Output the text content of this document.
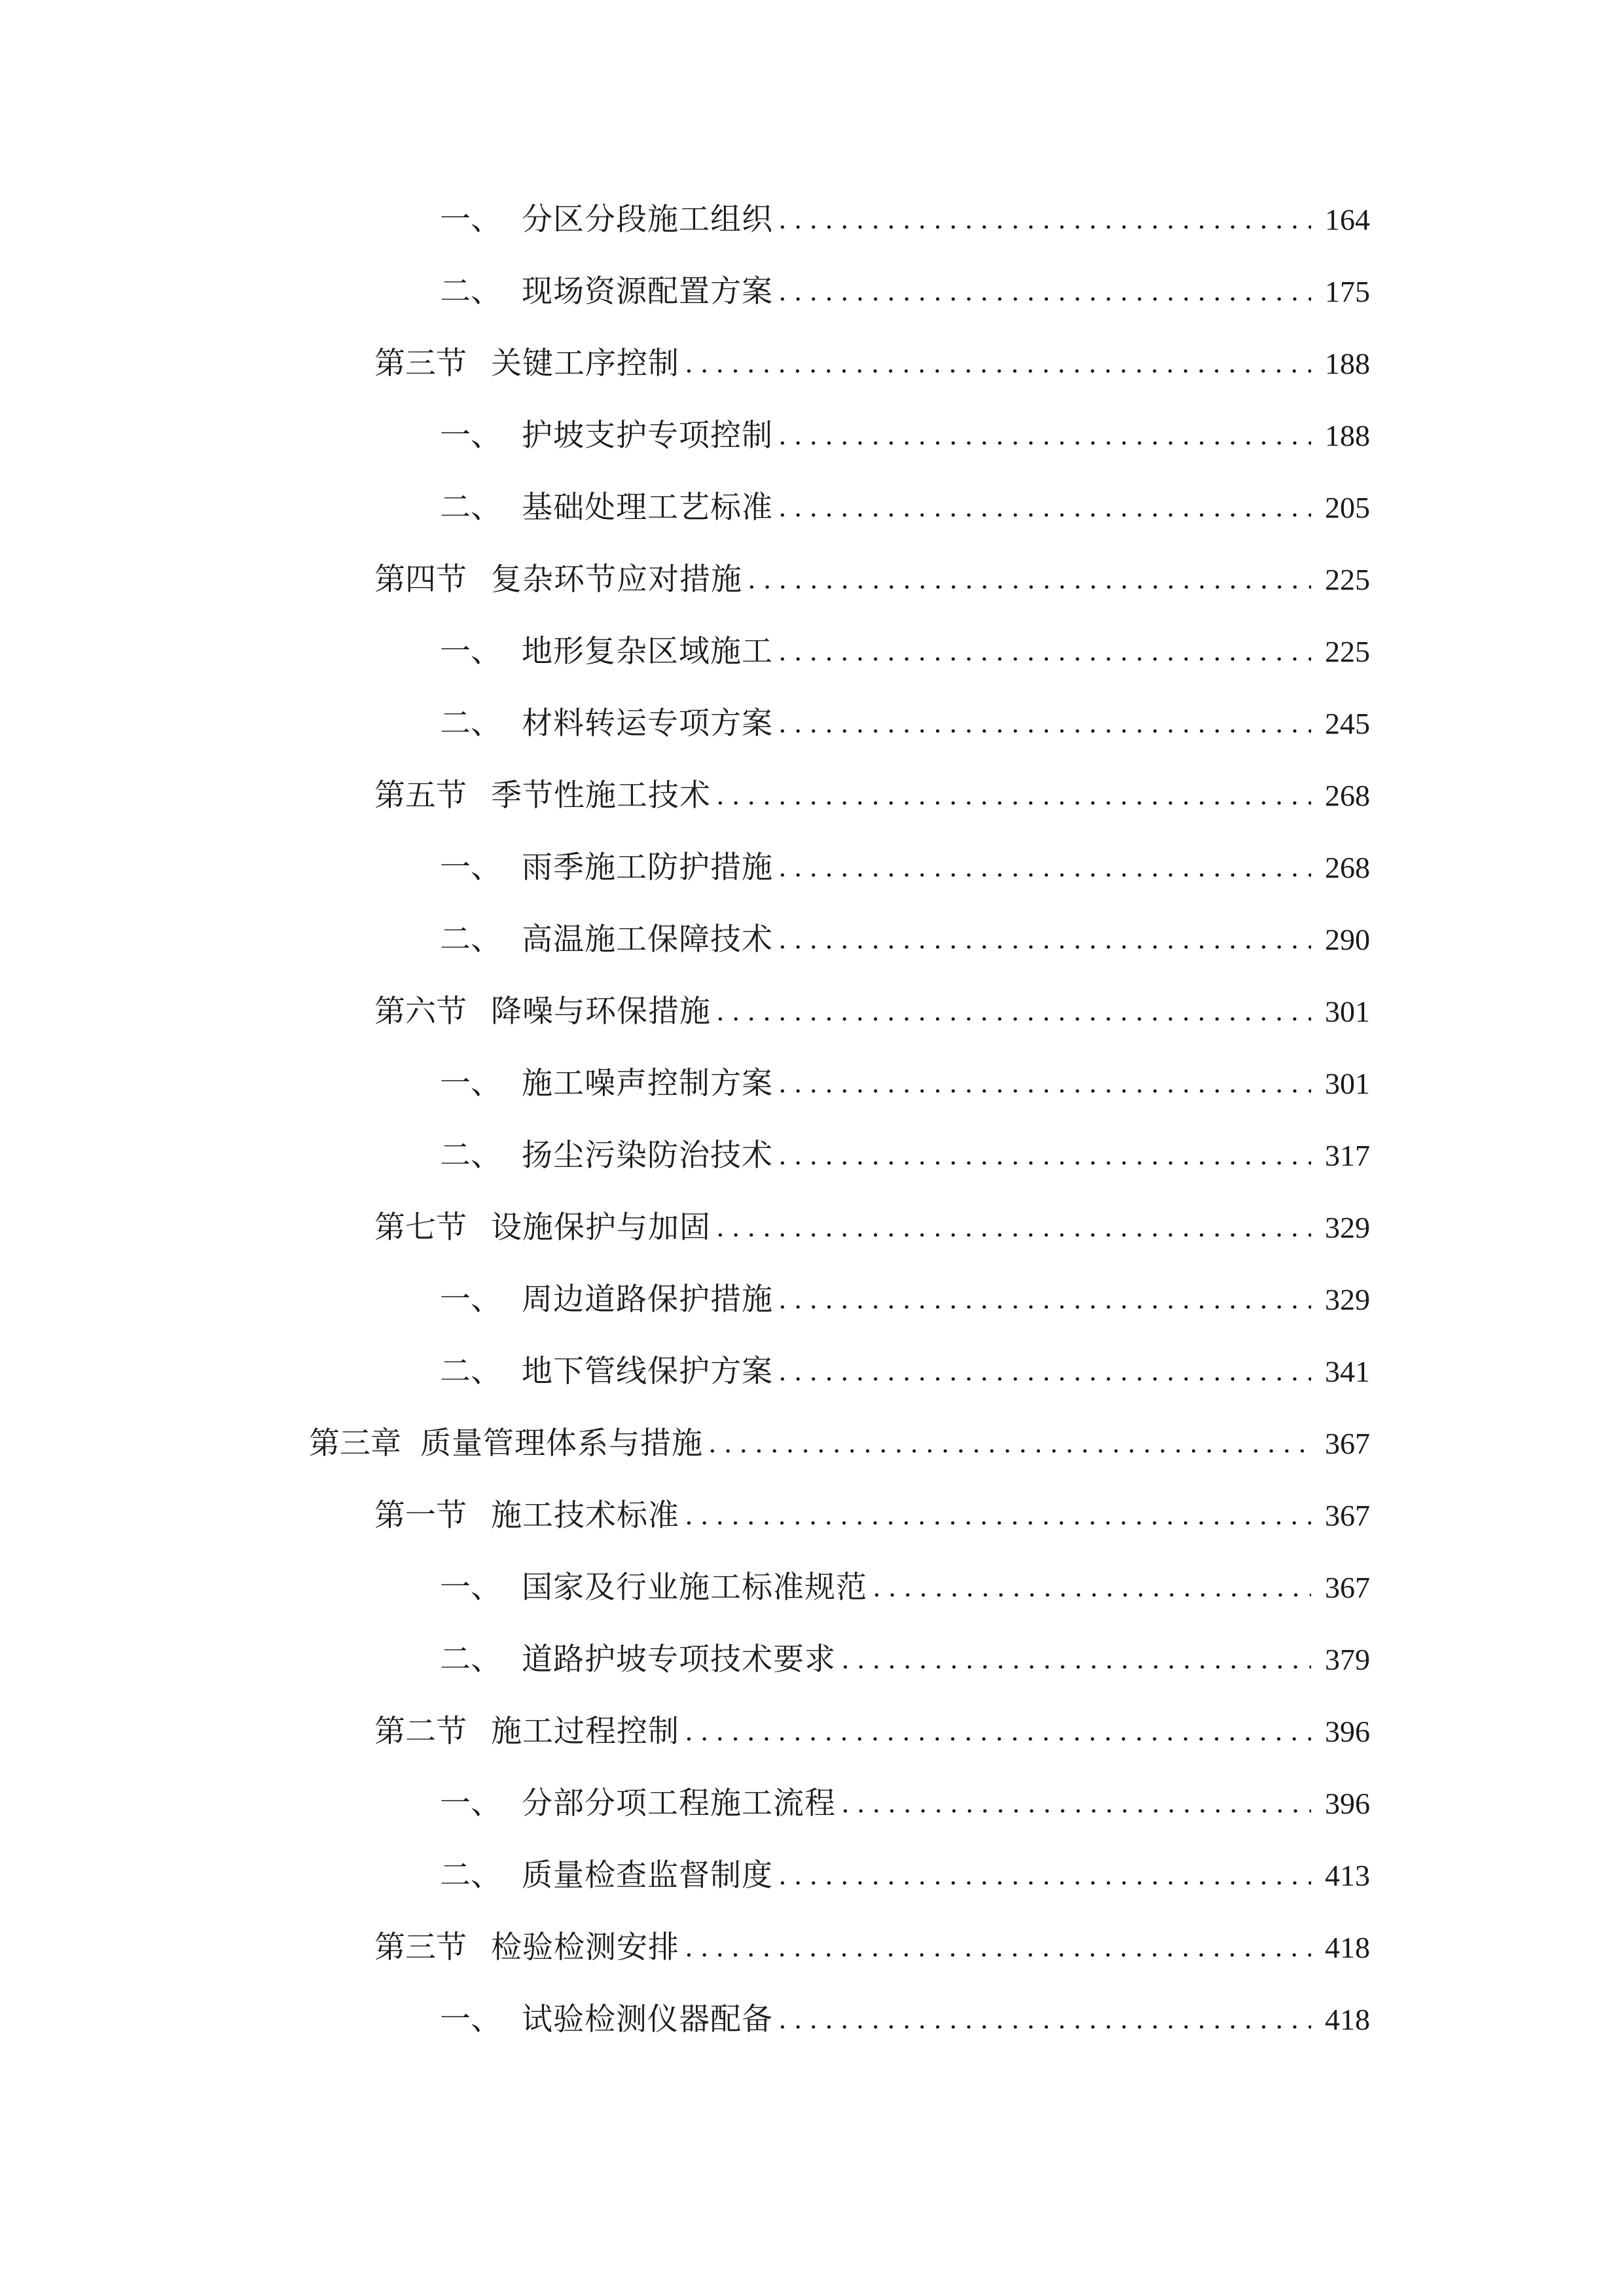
一、 分区分段施工组织 .....	164
二、 现场资源配置方案 .....	175
第三节 关键工序控制 .....	188
一、 护坡支护专项控制 .....	188
二、 基础处理工艺标准 .....	205
第四节 复杂环节应对措施 .....	225
一、 地形复杂区域施工 .....	225
二、 材料转运专项方案 .....	245
第五节 季节性施工技术 .....	268
一、 雨季施工防护措施 .....	268
二、 高温施工保障技术 .....	290
第六节 降噪与环保措施 .....	301
一、 施工噪声控制方案 .....	301
二、 扬尘污染防治技术 .....	317
第七节 设施保护与加固 .....	329
一、 周边道路保护措施 .....	329
二、 地下管线保护方案 .....	341
第三章 质量管理体系与措施 .....	367
第一节 施工技术标准 .....	367
一、 国家及行业施工标准规范 .....	367
二、 道路护坡专项技术要求 .....	379
第二节 施工过程控制 .....	396
一、 分部分项工程施工流程 .....	396
二、 质量检查监督制度 .....	413
第三节 检验检测安排 .....	418
一、 试验检测仪器配备 .....	418
